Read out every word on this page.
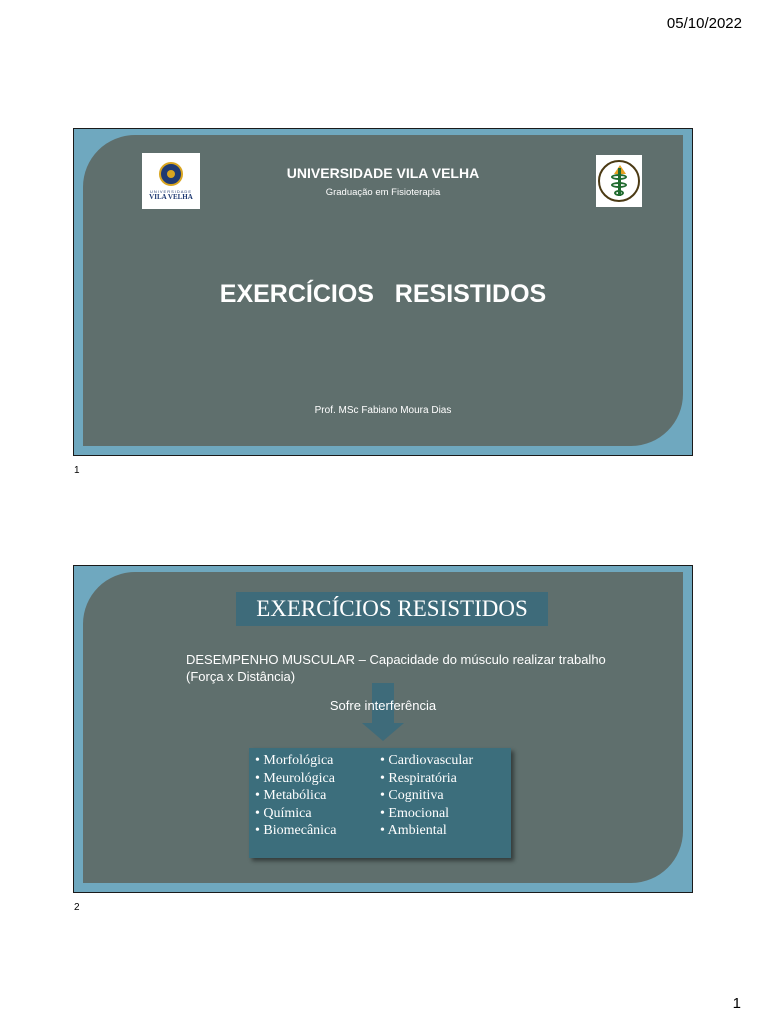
05/10/2022
UNIVERSIDADE
VILA VELHA
UNIVERSIDADE VILA VELHA
Graduação em Fisioterapia
EXERCÍCIOS   RESISTIDOS
Prof. MSc Fabiano Moura Dias
1
EXERCÍCIOS RESISTIDOS
DESEMPENHO MUSCULAR – Capacidade do músculo realizar trabalho (Força x Distância)
Sofre interferência
• Morfológica
• Meurológica
• Metabólica
• Química
• Biomecânica
• Cardiovascular
• Respiratória
• Cognitiva
• Emocional
• Ambiental
2
1
